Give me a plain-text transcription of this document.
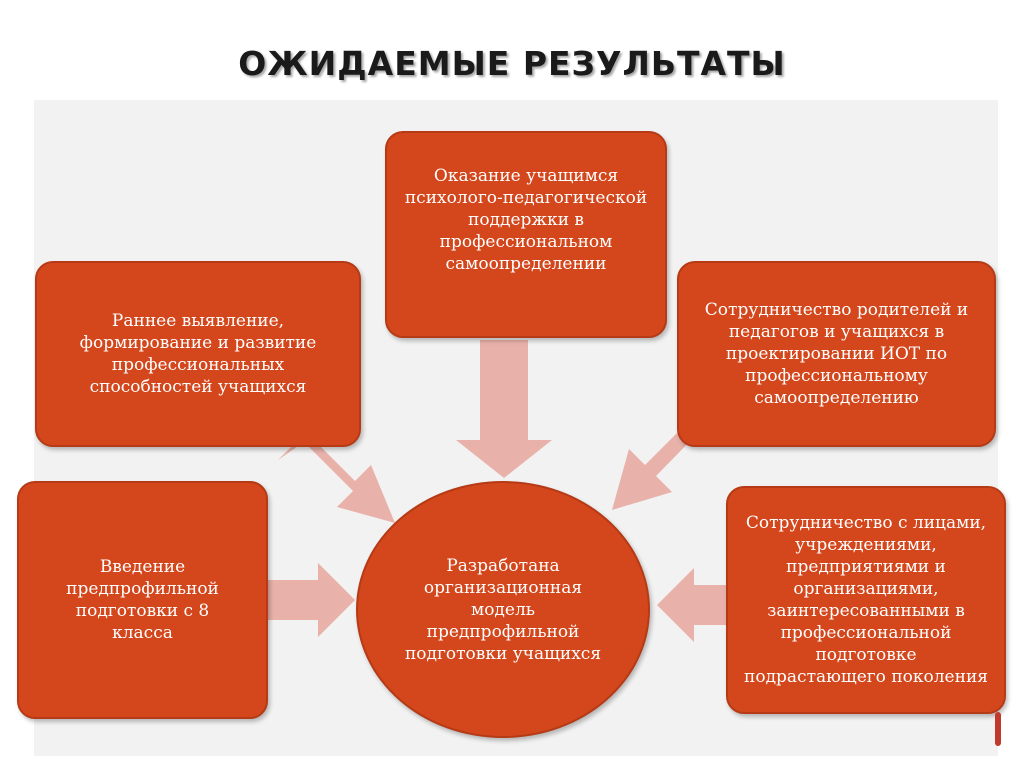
ОЖИДАЕМЫЕ РЕЗУЛЬТАТЫ
Оказание учащимся психолого-педагогической поддержки в профессиональном самоопределении
Раннее выявление, формирование и развитие профессиональных способностей учащихся
Сотрудничество родителей и педагогов и учащихся в проектировании ИОТ по профессиональному самоопределению
Введение предпрофильной подготовки с 8 класса
Сотрудничество с лицами, учреждениями, предприятиями и организациями, заинтересованными в профессиональной подготовке подрастающего поколения
Разработана организационная модель предпрофильной подготовки учащихся
